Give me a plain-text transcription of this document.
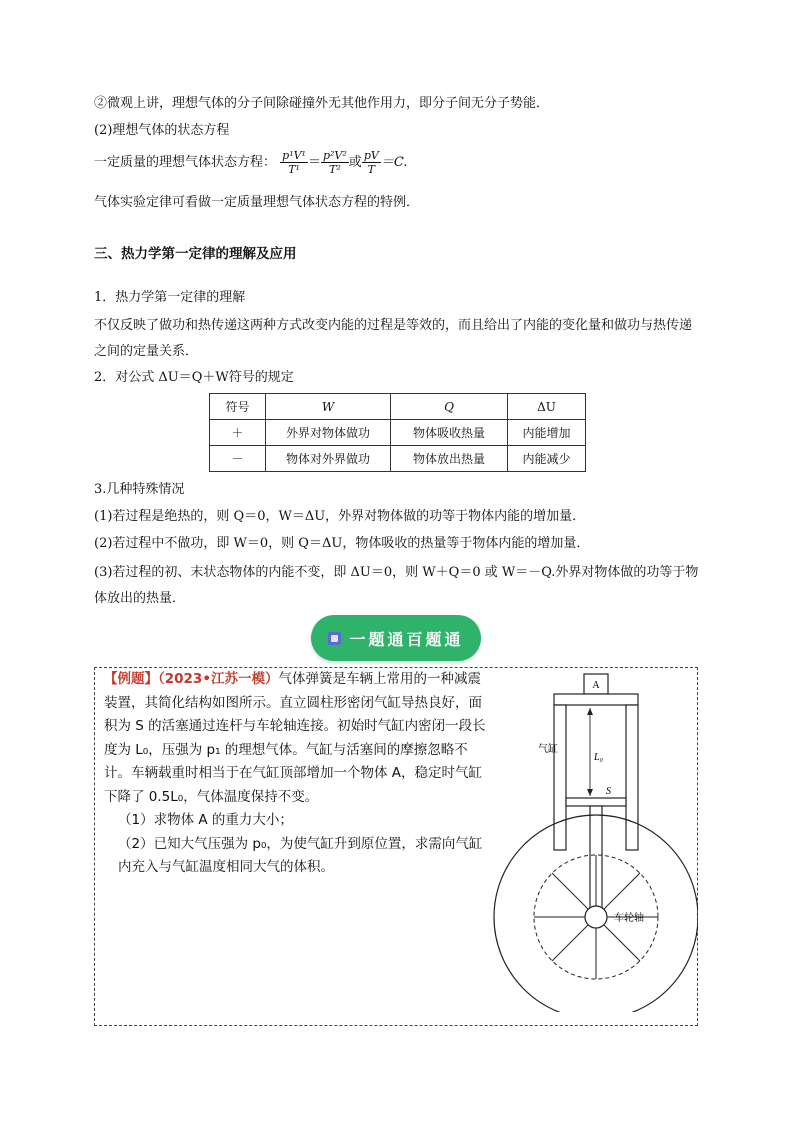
②微观上讲，理想气体的分子间除碰撞外无其他作用力，即分子间无分子势能．
(2)理想气体的状态方程
一定质量的理想气体状态方程： $\frac{\text{p¹V¹}}{\text{T¹}} = \frac{\text{p²V²}}{\text{T²}}$ 或 $\frac{pV}{T} =C$.
气体实验定律可看做一定质量理想气体状态方程的特例．
三、热力学第一定律的理解及应用
1．热力学第一定律的理解
不仅反映了做功和热传递这两种方式改变内能的过程是等效的，而且给出了内能的变化量和做功与热传递之间的定量关系．
2．对公式 ΔU＝Q＋W符号的规定
符号	W	Q	ΔU
＋	外界对物体做功	物体吸收热量	内能增加
－	物体对外界做功	物体放出热量	内能减少
3.几种特殊情况
(1)若过程是绝热的，则 Q＝0，W＝ΔU，外界对物体做的功等于物体内能的增加量．
(2)若过程中不做功，即 W＝0，则 Q＝ΔU，物体吸收的热量等于物体内能的增加量．
(3)若过程的初、末状态物体的内能不变，即 ΔU＝0，则 W＋Q＝0 或 W＝－Q.外界对物体做的功等于物体放出的热量．
一题通百题通

【例题】（2023•江苏一模）气体弹簧是车辆上常用的一种减震装置，其简化结构如图所示。直立圆柱形密闭气缸导热良好，面积为 S 的活塞通过连杆与车轮轴连接。初始时气缸内密闭一段长度为 L₀，压强为 p₁ 的理想气体。气缸与活塞间的摩擦忽略不计。车辆载重时相当于在气缸顶部增加一个物体 A，稳定时气缸下降了 0.5L₀，气体温度保持不变。

（1）求物体 A 的重力大小；

（2）已知大气压强为 p₀，为使气缸升到原位置，求需向气缸内充入与气缸温度相同大气的体积。

A
L₀
S
气缸
车轮轴
